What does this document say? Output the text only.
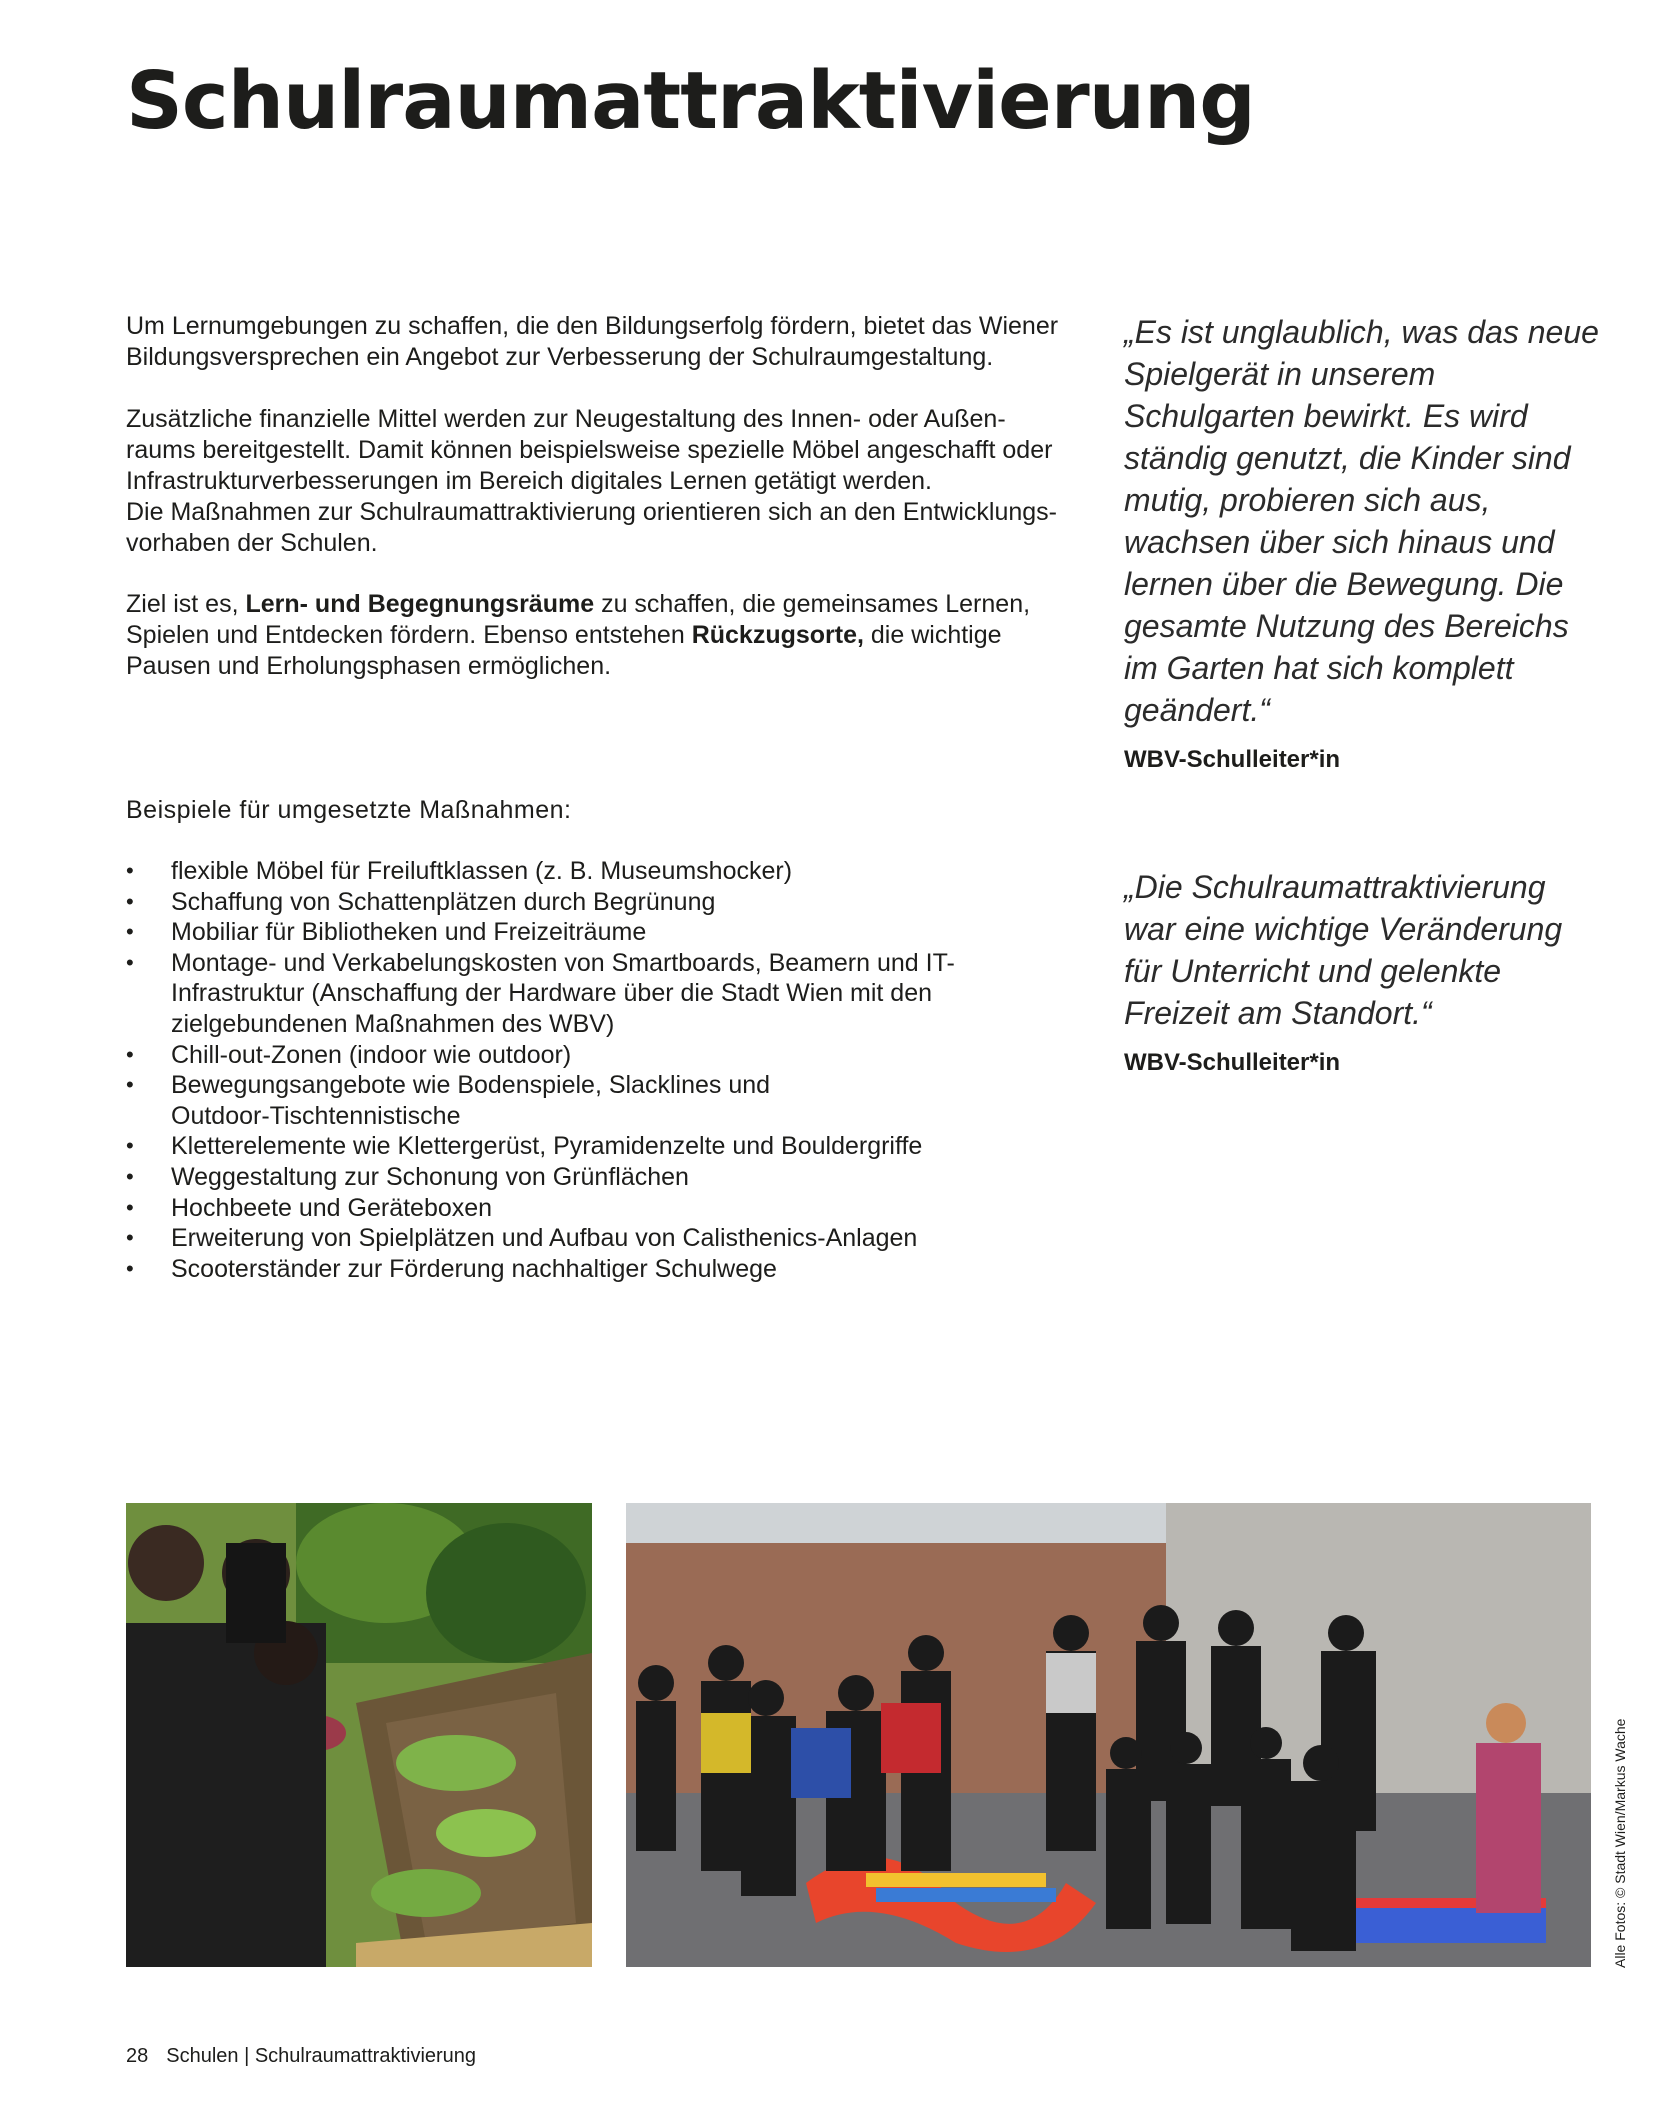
Schulraumattraktivierung

Um Lernumgebungen zu schaffen, die den Bildungserfolg fördern, bietet das Wiener Bildungsversprechen ein Angebot zur Verbesserung der Schulraumgestaltung.

Zusätzliche finanzielle Mittel werden zur Neugestaltung des Innen- oder Außen-
raums bereitgestellt. Damit können beispielsweise spezielle Möbel angeschafft oder
Infrastrukturverbesserungen im Bereich digitales Lernen getätigt werden.
Die Maßnahmen zur Schulraumattraktivierung orientieren sich an den Entwicklungs-
vorhaben der Schulen.

Ziel ist es, Lern- und Begegnungsräume zu schaffen, die gemeinsames Lernen, Spielen und Entdecken fördern. Ebenso entstehen Rückzugsorte, die wichtige Pausen und Erholungsphasen ermöglichen.

Beispiele für umgesetzte Maßnahmen:

• flexible Möbel für Freiluftklassen (z. B. Museumshocker)
• Schaffung von Schattenplätzen durch Begrünung
• Mobiliar für Bibliotheken und Freizeiträume
• Montage- und Verkabelungskosten von Smartboards, Beamern und IT-Infrastruktur (Anschaffung der Hardware über die Stadt Wien mit den zielgebundenen Maßnahmen des WBV)
• Chill-out-Zonen (indoor wie outdoor)
• Bewegungsangebote wie Bodenspiele, Slacklines und Outdoor-Tischtennistische
• Kletterelemente wie Klettergerüst, Pyramidenzelte und Bouldergriffe
• Weggestaltung zur Schonung von Grünflächen
• Hochbeete und Geräteboxen
• Erweiterung von Spielplätzen und Aufbau von Calisthenics-Anlagen
• Scooterständer zur Förderung nachhaltiger Schulwege

„Es ist unglaublich, was das neue Spielgerät in unserem Schulgarten bewirkt. Es wird ständig genutzt, die Kinder sind mutig, probieren sich aus, wachsen über sich hinaus und lernen über die Bewegung. Die gesamte Nutzung des Bereichs im Garten hat sich komplett geändert.“

WBV-Schulleiter*in

„Die Schulraumattraktivierung war eine wichtige Veränderung für Unterricht und gelenkte Freizeit am Standort.“

WBV-Schulleiter*in

Alle Fotos: © Stadt Wien/Markus Wache

28 Schulen | Schulraumattraktivierung
